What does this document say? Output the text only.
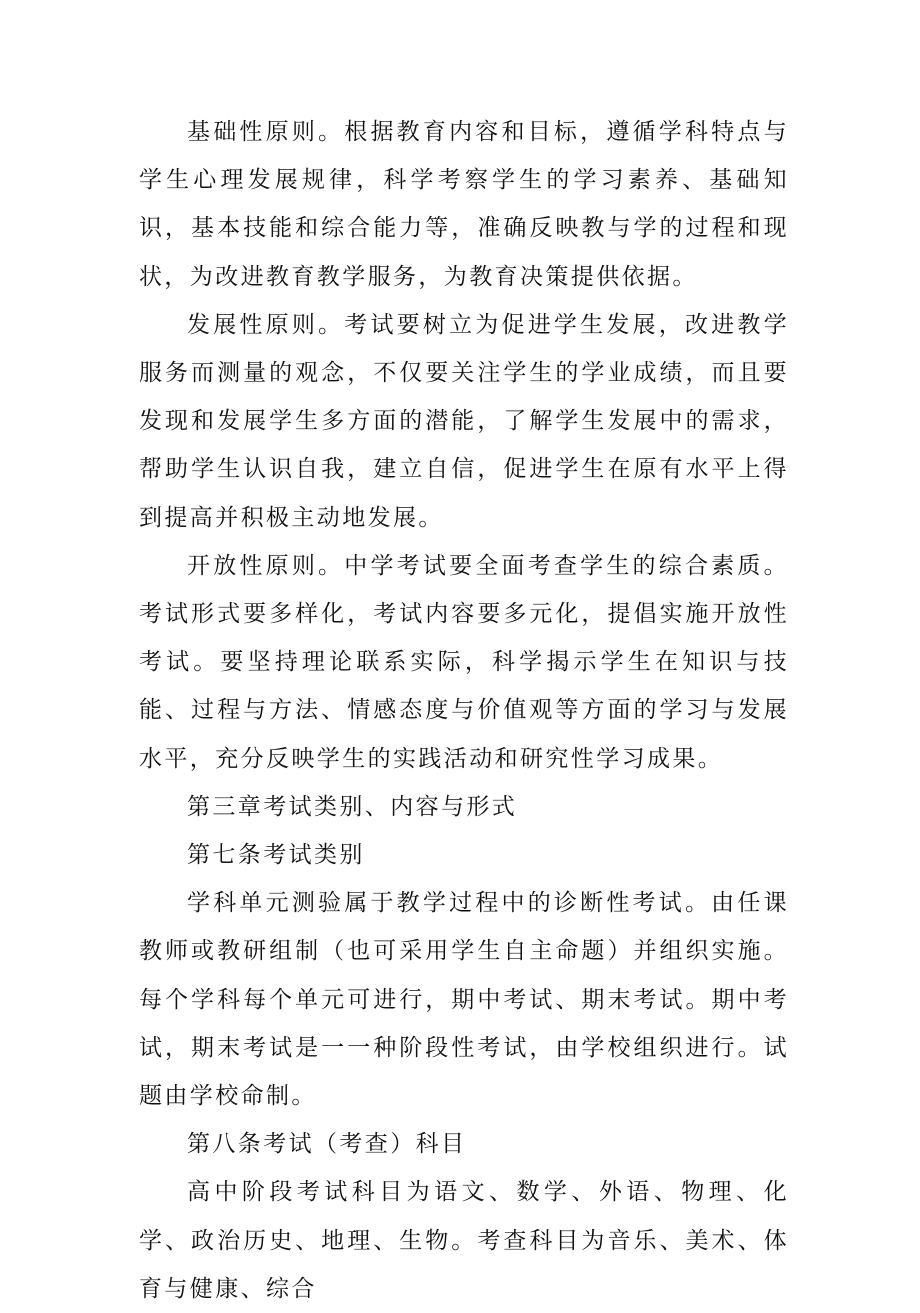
基础性原则。根据教育内容和目标，遵循学科特点与学生心理发展规律，科学考察学生的学习素养、基础知识，基本技能和综合能力等，准确反映教与学的过程和现状，为改进教育教学服务，为教育决策提供依据。

发展性原则。考试要树立为促进学生发展，改进教学服务而测量的观念，不仅要关注学生的学业成绩，而且要发现和发展学生多方面的潜能，了解学生发展中的需求，帮助学生认识自我，建立自信，促进学生在原有水平上得到提高并积极主动地发展。

开放性原则。中学考试要全面考查学生的综合素质。考试形式要多样化，考试内容要多元化，提倡实施开放性考试。要坚持理论联系实际，科学揭示学生在知识与技能、过程与方法、情感态度与价值观等方面的学习与发展水平，充分反映学生的实践活动和研究性学习成果。

第三章考试类别、内容与形式

第七条考试类别

学科单元测验属于教学过程中的诊断性考试。由任课教师或教研组制（也可采用学生自主命题）并组织实施。每个学科每个单元可进行，期中考试、期末考试。期中考试，期末考试是一一种阶段性考试，由学校组织进行。试题由学校命制。

第八条考试（考查）科目

高中阶段考试科目为语文、数学、外语、物理、化学、政治历史、地理、生物。考查科目为音乐、美术、体育与健康、综合
